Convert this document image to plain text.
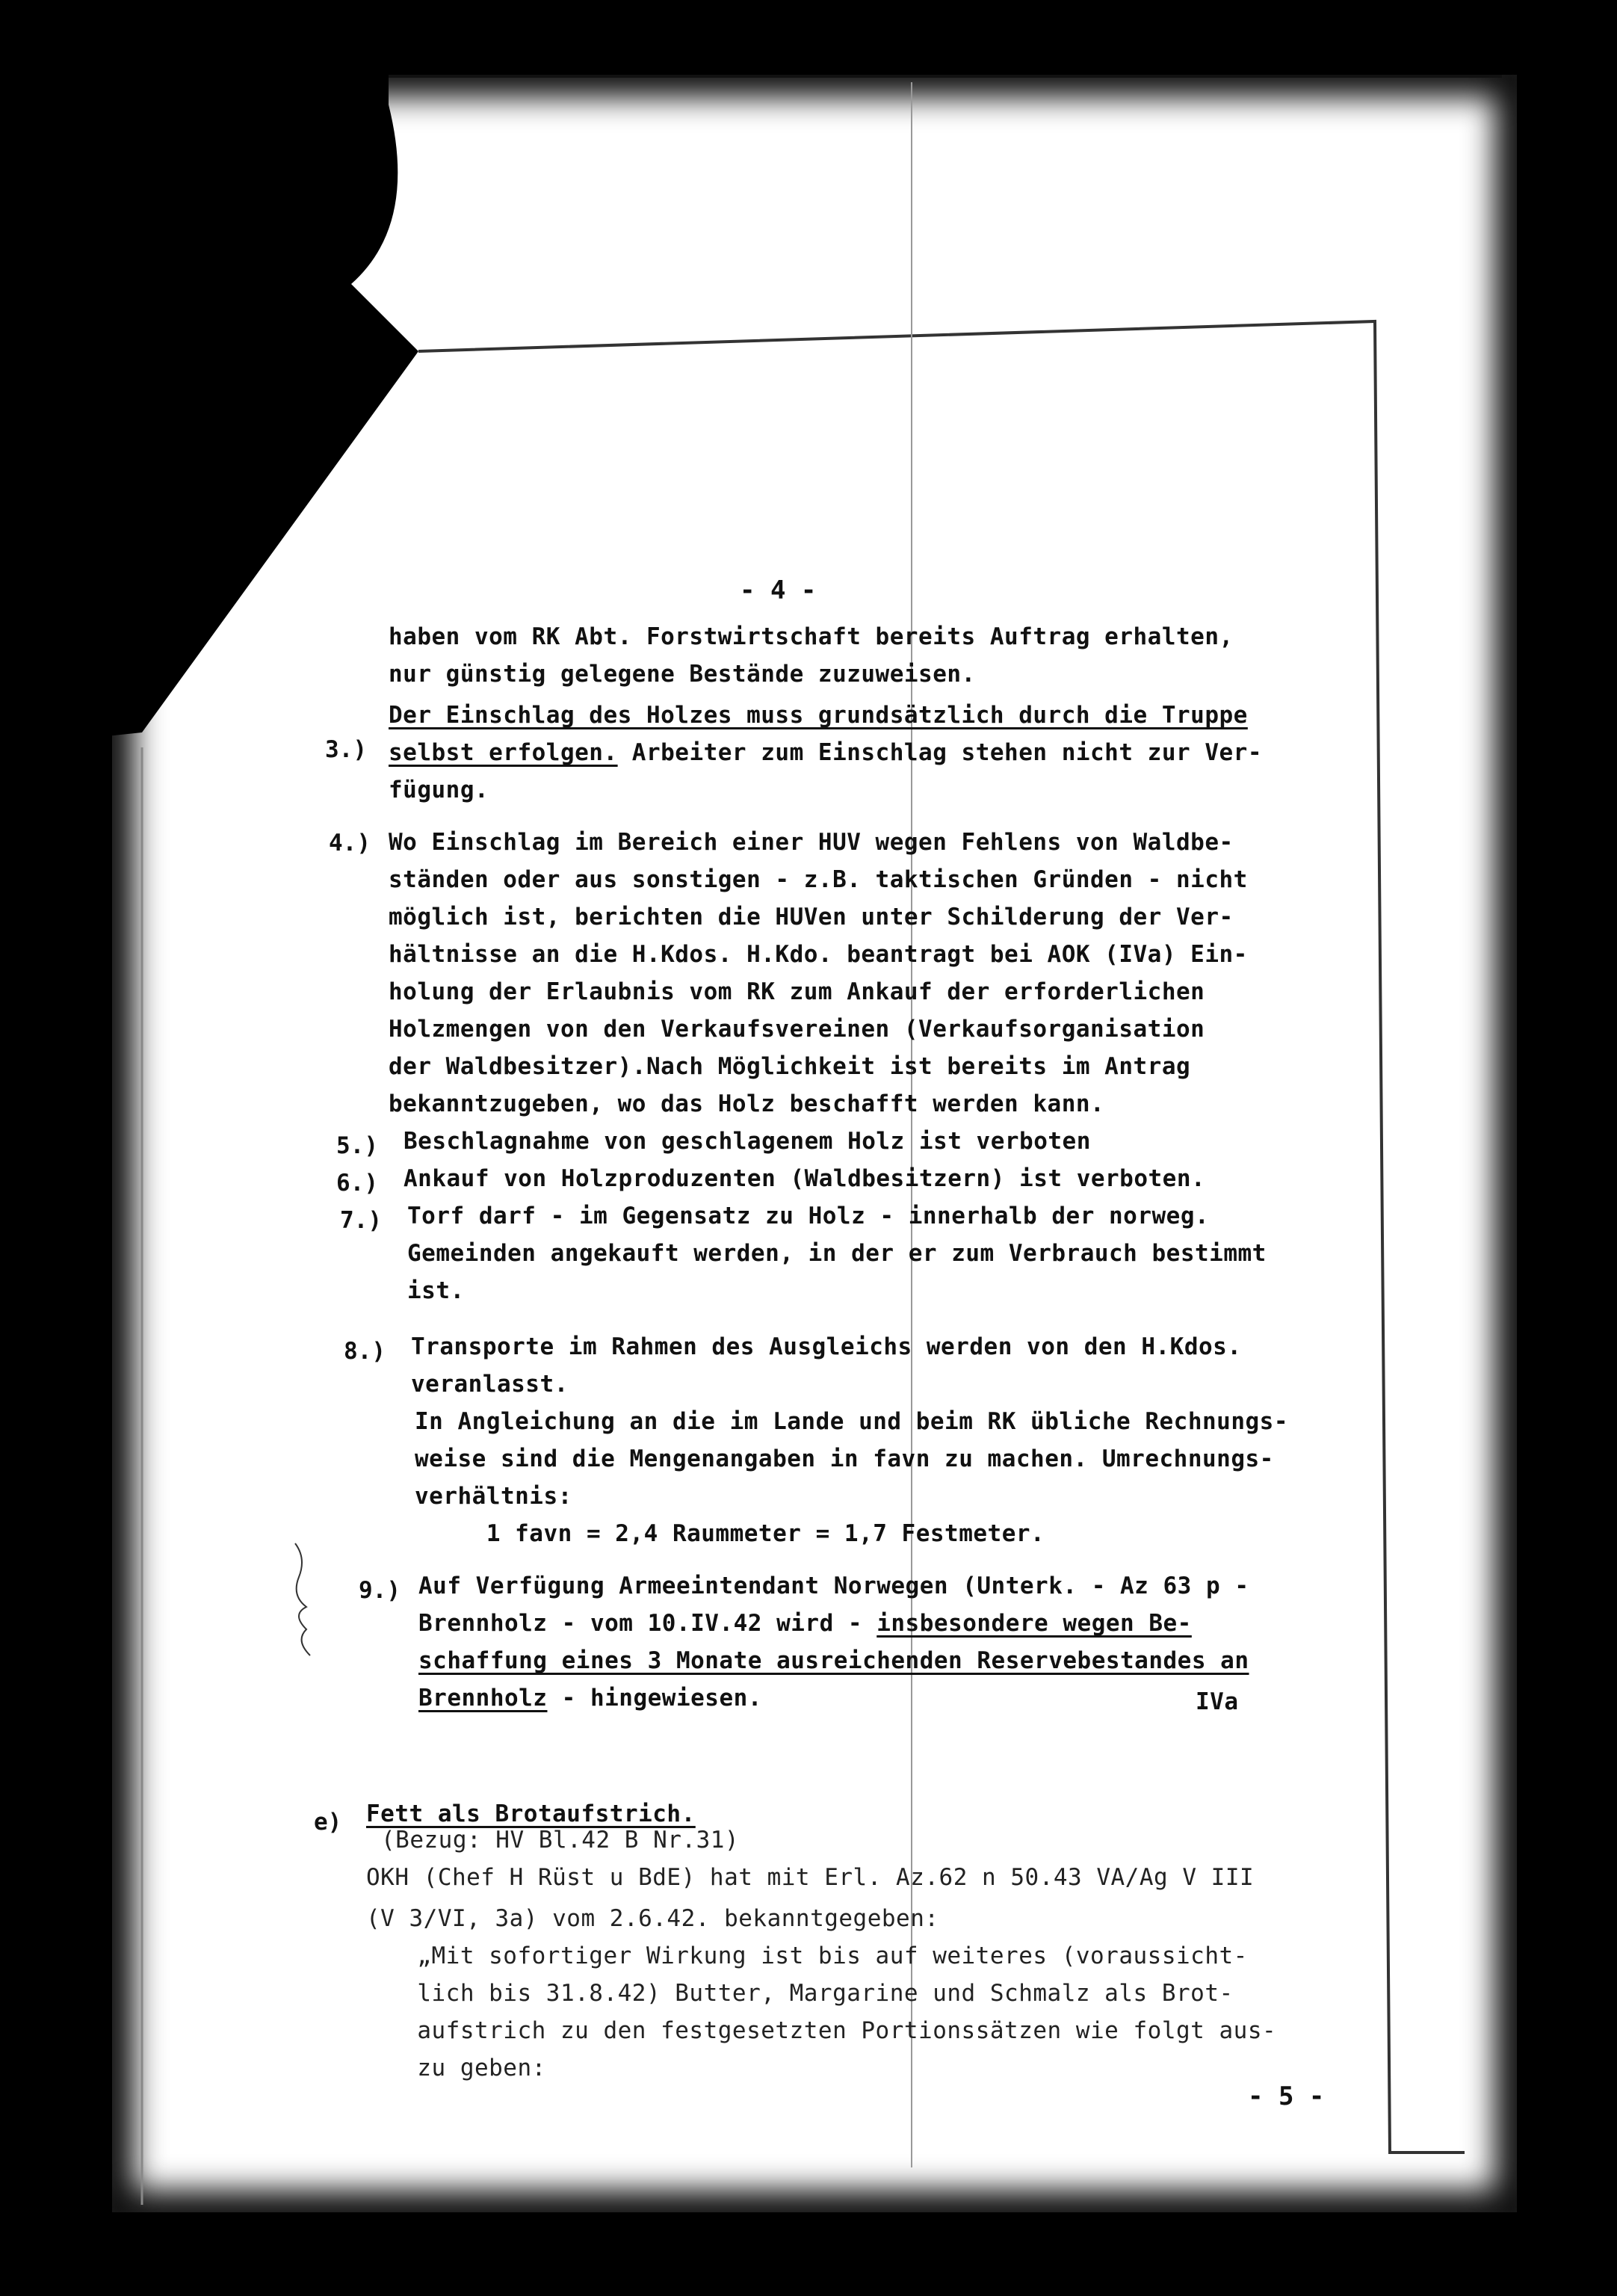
- 4 -
haben vom RK Abt. Forstwirtschaft bereits Auftrag erhalten,
nur günstig gelegene Bestände zuzuweisen.
3.)
Der Einschlag des Holzes muss grundsätzlich durch die Truppe
selbst erfolgen. Arbeiter zum Einschlag stehen nicht zur Ver-
fügung.
4.) Wo Einschlag im Bereich einer HUV wegen Fehlens von Waldbe-
ständen oder aus sonstigen - z.B. taktischen Gründen - nicht
möglich ist, berichten die HUVen unter Schilderung der Ver-
hältnisse an die H.Kdos. H.Kdo. beantragt bei AOK (IVa) Ein-
holung der Erlaubnis vom RK zum Ankauf der erforderlichen
Holzmengen von den Verkaufsvereinen (Verkaufsorganisation
der Waldbesitzer).Nach Möglichkeit ist bereits im Antrag
bekanntzugeben, wo das Holz beschafft werden kann.
5.) Beschlagnahme von geschlagenem Holz ist verboten
6.) Ankauf von Holzproduzenten (Waldbesitzern) ist verboten.
7.) Torf darf - im Gegensatz zu Holz - innerhalb der norweg.
Gemeinden angekauft werden, in der er zum Verbrauch bestimmt
ist.
8.) Transporte im Rahmen des Ausgleichs werden von den H.Kdos.
veranlasst.
In Angleichung an die im Lande und beim RK übliche Rechnungs-
weise sind die Mengenangaben in favn zu machen. Umrechnungs-
verhältnis:
1 favn = 2,4 Raummeter = 1,7 Festmeter.
9.) Auf Verfügung Armeeintendant Norwegen (Unterk. - Az 63 p -
Brennholz - vom 10.IV.42 wird - insbesondere wegen Be-
schaffung eines 3 Monate ausreichenden Reservebestandes an
Brennholz - hingewiesen.	IVa
e) Fett als Brotaufstrich.
(Bezug: HV Bl.42 B Nr.31)
OKH (Chef H Rüst u BdE) hat mit Erl. Az.62 n 50.43 VA/Ag V III
(V 3/VI, 3a) vom 2.6.42. bekanntgegeben:
„Mit sofortiger Wirkung ist bis auf weiteres (voraussicht-
lich bis 31.8.42) Butter, Margarine und Schmalz als Brot-
aufstrich zu den festgesetzten Portionssätzen wie folgt aus-
zu geben:
- 5 -
